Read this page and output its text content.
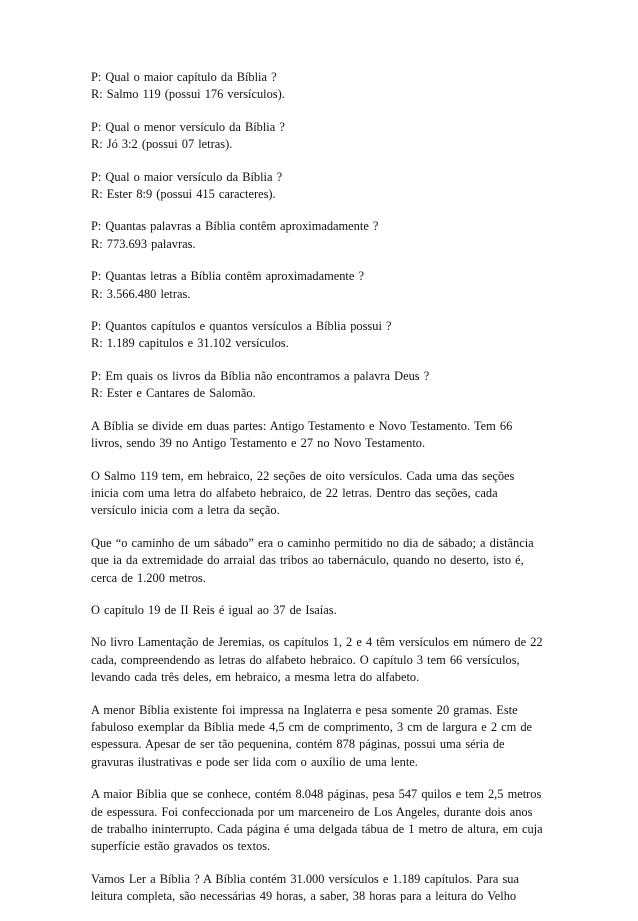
P: Qual o maior capítulo da Bíblia ?
R: Salmo 119 (possui 176 versículos).

P: Qual o menor versículo da Bíblia ?
R: Jó 3:2 (possui 07 letras).

P: Qual o maior versículo da Bíblia ?
R: Ester 8:9 (possui 415 caracteres).

P: Quantas palavras a Bíblia contêm aproximadamente ?
R: 773.693 palavras.

P: Quantas letras a Bíblia contêm aproximadamente ?
R: 3.566.480 letras.

P: Quantos capítulos e quantos versículos a Bíblia possui ?
R: 1.189 capitulos e 31.102 versículos.

P: Em quais os livros da Bíblia não encontramos a palavra Deus ?
R: Ester e Cantares de Salomão.

A Bíblia se divide em duas partes: Antigo Testamento e Novo Testamento. Tem 66
livros, sendo 39 no Antigo Testamento e 27 no Novo Testamento.

O Salmo 119 tem, em hebraico, 22 seções de oito versículos. Cada uma das seções
inicia com uma letra do alfabeto hebraico, de 22 letras. Dentro das seções, cada
versículo inicia com a letra da seção.

Que “o caminho de um sábado” era o caminho permitido no dia de sábado; a distância
que ia da extremidade do arraial das tribos ao tabernáculo, quando no deserto, isto é,
cerca de 1.200 metros.

O capítulo 19 de II Reis é igual ao 37 de Isaías.

No livro Lamentação de Jeremias, os capítulos 1, 2 e 4 têm versículos em número de 22
cada, compreendendo as letras do alfabeto hebraico. O capítulo 3 tem 66 versículos,
levando cada três deles, em hebraico, a mesma letra do alfabeto.

A menor Bíblia existente foi impressa na Inglaterra e pesa somente 20 gramas. Este
fabuloso exemplar da Bíblia mede 4,5 cm de comprimento, 3 cm de largura e 2 cm de
espessura. Apesar de ser tão pequenina, contém 878 páginas, possui uma séria de
gravuras ilustrativas e pode ser lida com o auxílio de uma lente.

A maior Bíblia que se conhece, contém 8.048 páginas, pesa 547 quilos e tem 2,5 metros
de espessura. Foi confeccionada por um marceneiro de Los Angeles, durante dois anos
de trabalho ininterrupto. Cada página é uma delgada tábua de 1 metro de altura, em cuja
superfície estão gravados os textos.

Vamos Ler a Bíblia ? A Bíblia contém 31.000 versículos e 1.189 capítulos. Para sua
leitura completa, são necessárias 49 horas, a saber, 38 horas para a leitura do Velho
